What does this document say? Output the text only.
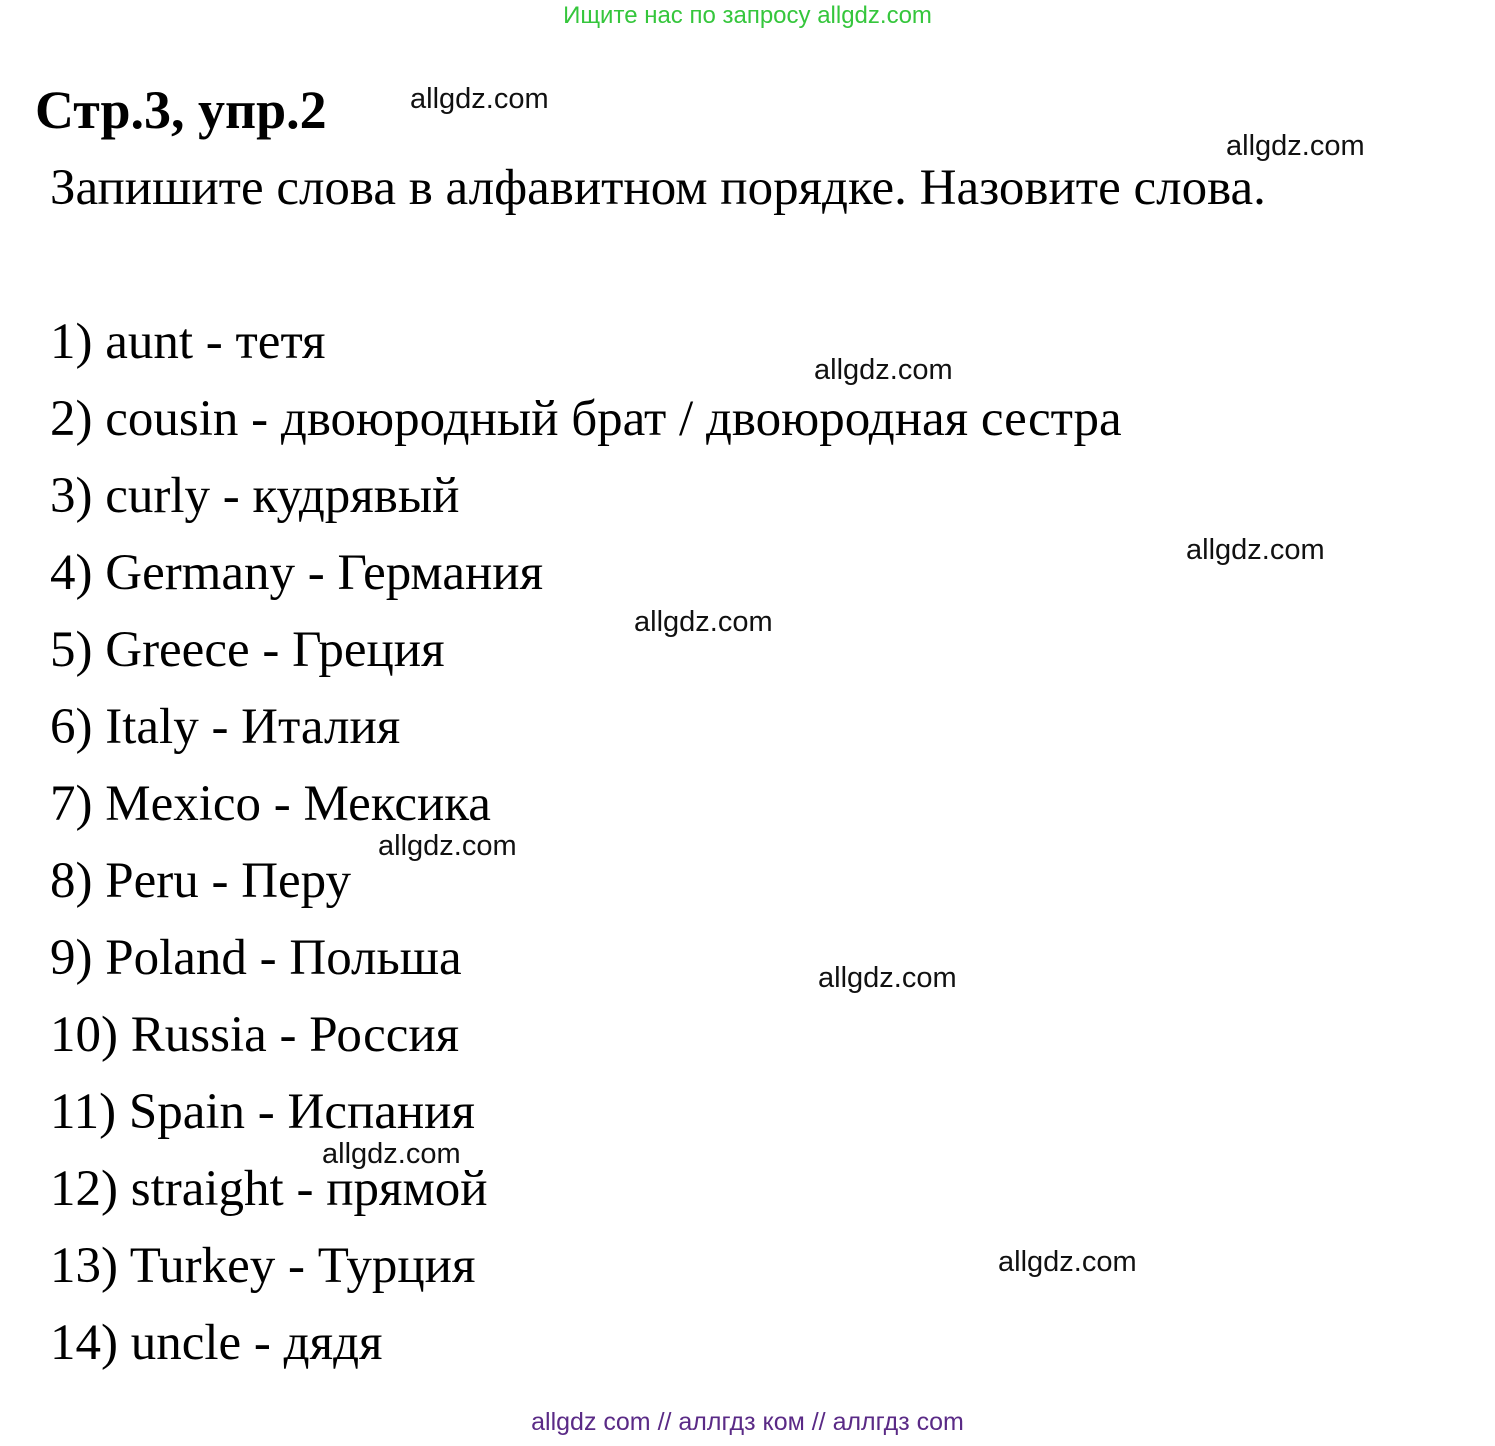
Ищите нас по запросу allgdz.com
Стр.3, упр.2
Запишите слова в алфавитном порядке. Назовите слова.
1) aunt - тетя
2) cousin - двоюродный брат / двоюродная сестра
3) curly - кудрявый
4) Germany - Германия
5) Greece - Греция
6) Italy - Италия
7) Mexico - Мексика
8) Peru - Перу
9) Poland - Польша
10) Russia - Россия
11) Spain - Испания
12) straight - прямой
13) Turkey - Турция
14) uncle - дядя
allgdz.com
allgdz.com
allgdz.com
allgdz.com
allgdz.com
allgdz.com
allgdz.com
allgdz.com
allgdz.com
allgdz com // аллгдз ком // аллгдз com
